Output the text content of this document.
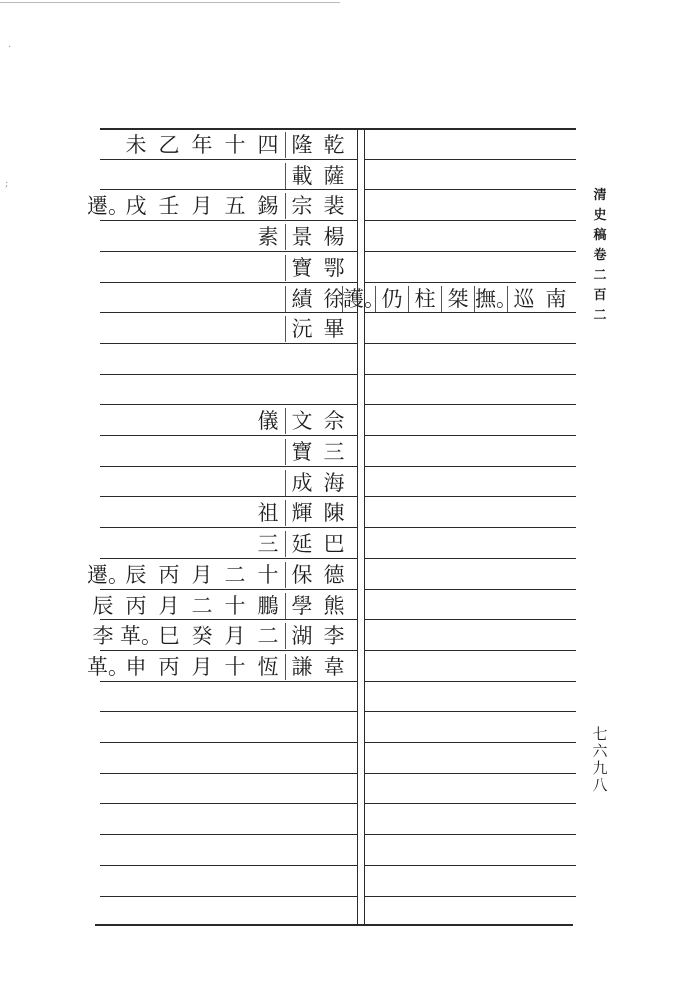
·
;
乾
隆
四
十
年
乙
未
薩
載
裴
宗
錫
五
月
壬
戌
遷。
楊
景
素
鄂
寶
徐
績	南
巡
撫。
桀
柱
仍
護。
畢
沅
佘
文
儀
三
寶
海
成
陳
輝
祖
巴
延
三
德
保
十
二
月
丙
辰
遷。
熊
學
鵬
十
二
月
丙
辰
李
湖
二
月
癸
巳
革。
李
韋
謙
恆
十
月
丙
申
革。
清
史
稿
卷
二
百
二
七
六
九
八
